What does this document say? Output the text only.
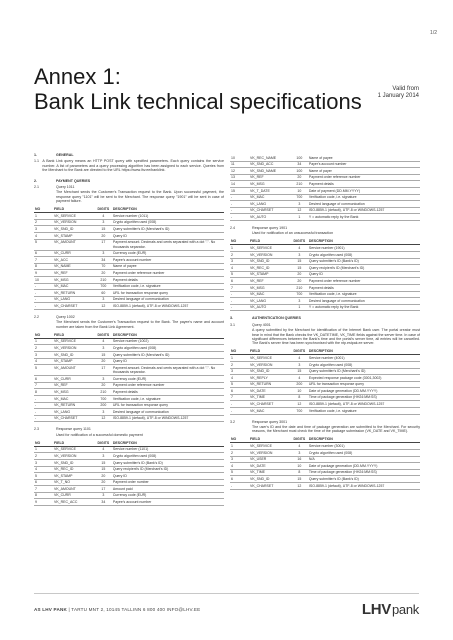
1/2
Annex 1:
Bank Link technical specifications	Valid from
1 January 2014
1.	GENERAL
1.1 A Bank Link query means an HTTP POST query with specified parameters. Each query contains the service number. A list of parameters and a query processing algorithm has been assigned to each service. Queries from the Merchant to the Bank are directed to the URL https://www.lhv.ee/banklink.
2.	PAYMENT QUERIES
2.1	Query 1011
The Merchant sends the Customer's Transaction request to the Bank. Upon successful payment, the response query "1101" will be sent to the Merchant. The response query "1901" will be sent in case of payment failure.
NO	FIELD	DIGITS	DESCRIPTION
1	VK_SERVICE	4	Service number (1011)
2	VK_VERSION	3	Crypto algorithm used (008)
3	VK_SND_ID	15	Query submitter's ID (Merchant's ID)
4	VK_STAMP	20	Query ID
5	VK_AMOUNT	17	Payment amount. Decimals and cents separated with a dot ".". No thousands separator.
6	VK_CURR	3	Currency code (EUR)
7	VK_ACC	34	Payee's account number
8	VK_NAME	70	Name of payee
9	VK_REF	20	Payment order reference number
10	VK_MSG	210	Payment details
-	VK_MAC	700	Verification code, i.e. signature
-	VK_RETURN	60	URL for transaction response query
-	VK_LANG	3	Desired language of communication
-	VK_CHARSET	12	ISO-8859-1 (default), UTF-8 or WINDOWS-1257
2.2	Query 1002
The Merchant sends the Customer's Transaction request to the Bank. The payee's name and account number are taken from the Bank Link Agreement.
NO	FIELD	DIGITS	DESCRIPTION
1	VK_SERVICE	4	Service number (1002)
2	VK_VERSION	3	Crypto algorithm used (008)
3	VK_SND_ID	15	Query submitter's ID (Merchant's ID)
4	VK_STAMP	20	Query ID
5	VK_AMOUNT	17	Payment amount. Decimals and cents separated with a dot ".". No thousands separator.
6	VK_CURR	3	Currency code (EUR)
7	VK_REF	20	Payment order reference number
8	VK_MSG	210	Payment details
-	VK_MAC	700	Verification code, i.e. signature
-	VK_RETURN	200	URL for transaction response query
-	VK_LANG	3	Desired language of communication
-	VK_CHARSET	12	ISO-8859-1 (default), UTF-8 or WINDOWS-1257
2.3	Response query 1101
Used for notification of a successful domestic payment
NO	FIELD	DIGITS	DESCRIPTION
1	VK_SERVICE	4	Service number (1101)
2	VK_VERSION	3	Crypto algorithm used (008)
3	VK_SND_ID	15	Query submitter's ID (Bank's ID)
4	VK_REC_ID	15	Query recipient's ID (Merchant's ID)
5	VK_STAMP	20	Query ID
6	VK_T_NO	20	Payment order number
7	VK_AMOUNT	17	Amount paid
8	VK_CURR	3	Currency code (EUR)
9	VK_REC_ACC	34	Payee's account number
10	VK_REC_NAME	100	Name of payee
11	VK_SND_ACC	34	Payer's account number
12	VK_SND_NAME	100	Name of payer
13	VK_REF	20	Payment order reference number
14	VK_MSG	210	Payment details
15	VK_T_DATE	10	Date of payment (DD.MM.YYYY)
-	VK_MAC	700	Verification code, i.e. signature
-	VK_LANG	3	Desired language of communication
-	VK_CHARSET	12	ISO-8859-1 (default), UTF-8 or WINDOWS-1257
-	VK_AUTO	1	Y = automatic reply by the Bank
2.4	Response query 1901
Used for notification of an unsuccessful transaction
NO	FIELD	DIGITS	DESCRIPTION
1	VK_SERVICE	4	Service number (1901)
2	VK_VERSION	3	Crypto algorithm used (008)
3	VK_SND_ID	15	Query submitter's ID (Bank's ID)
4	VK_REC_ID	15	Query recipient's ID (Merchant's ID)
5	VK_STAMP	20	Query ID
6	VK_REF	20	Payment order reference number
7	VK_MSG	210	Payment details
-	VK_MAC	700	Verification code, i.e. signature
-	VK_LANG	3	Desired language of communication
-	VK_AUTO	1	Y = automatic reply by the Bank
3.	AUTHENTICATION QUERIES
3.1	Query 4001
A query submitted by the Merchant for identification of the Internet Bank user. The portal creator must bear in mind that the Bank checks the VK_DATETIME, VK_TIME fields against the server time. In case of significant differences between the Bank's time and the portal's server time, all entries will be cancelled. The Bank's server time has been synchronised with the ntp.estpak.ee server.
NO	FIELD	DIGITS	DESCRIPTION
1	VK_SERVICE	4	Service number (4001)
2	VK_VERSION	3	Crypto algorithm used (008)
3	VK_SND_ID	15	Query submitter's ID (Merchant's ID)
4	VK_REPLY	4	Expected response package code (3001,3002)
5	VK_RETURN	200	URL for transaction response query
6	VK_DATE	10	Date of package generation (DD.MM.YYYY)
7	VK_TIME	8	Time of package generation (HH24:MM:SS)
-	VK_CHARSET	12	ISO-8859-1 (default), UTF-8 or WINDOWS-1257
-	VK_MAC	700	Verification code, i.e. signature
3.2	Response query 3001
The user's ID and the date and time of package generation are submitted to the Merchant. For security reasons, the Merchant must check the time of the package submission (VK_DATE and VK_TIME).
NO	FIELD	DIGITS	DESCRIPTION
1	VK_SERVICE	4	Service number (3001)
2	VK_VERSION	3	Crypto algorithm used (008)
3	VK_USER	16	N/A
4	VK_DATE	10	Date of package generation (DD.MM.YYYY)
5	VK_TIME	8	Time of package generation (HH24:MM:SS)
6	VK_SND_ID	15	Query submitter's ID (Bank's ID)
-	VK_CHARSET	12	ISO-8859-1 (default), UTF-8 or WINDOWS-1257
AS LHV PANK | TARTU MNT 2, 10145 TALLINN 6 800 400 INFO@LHV.EE	LHV pank
